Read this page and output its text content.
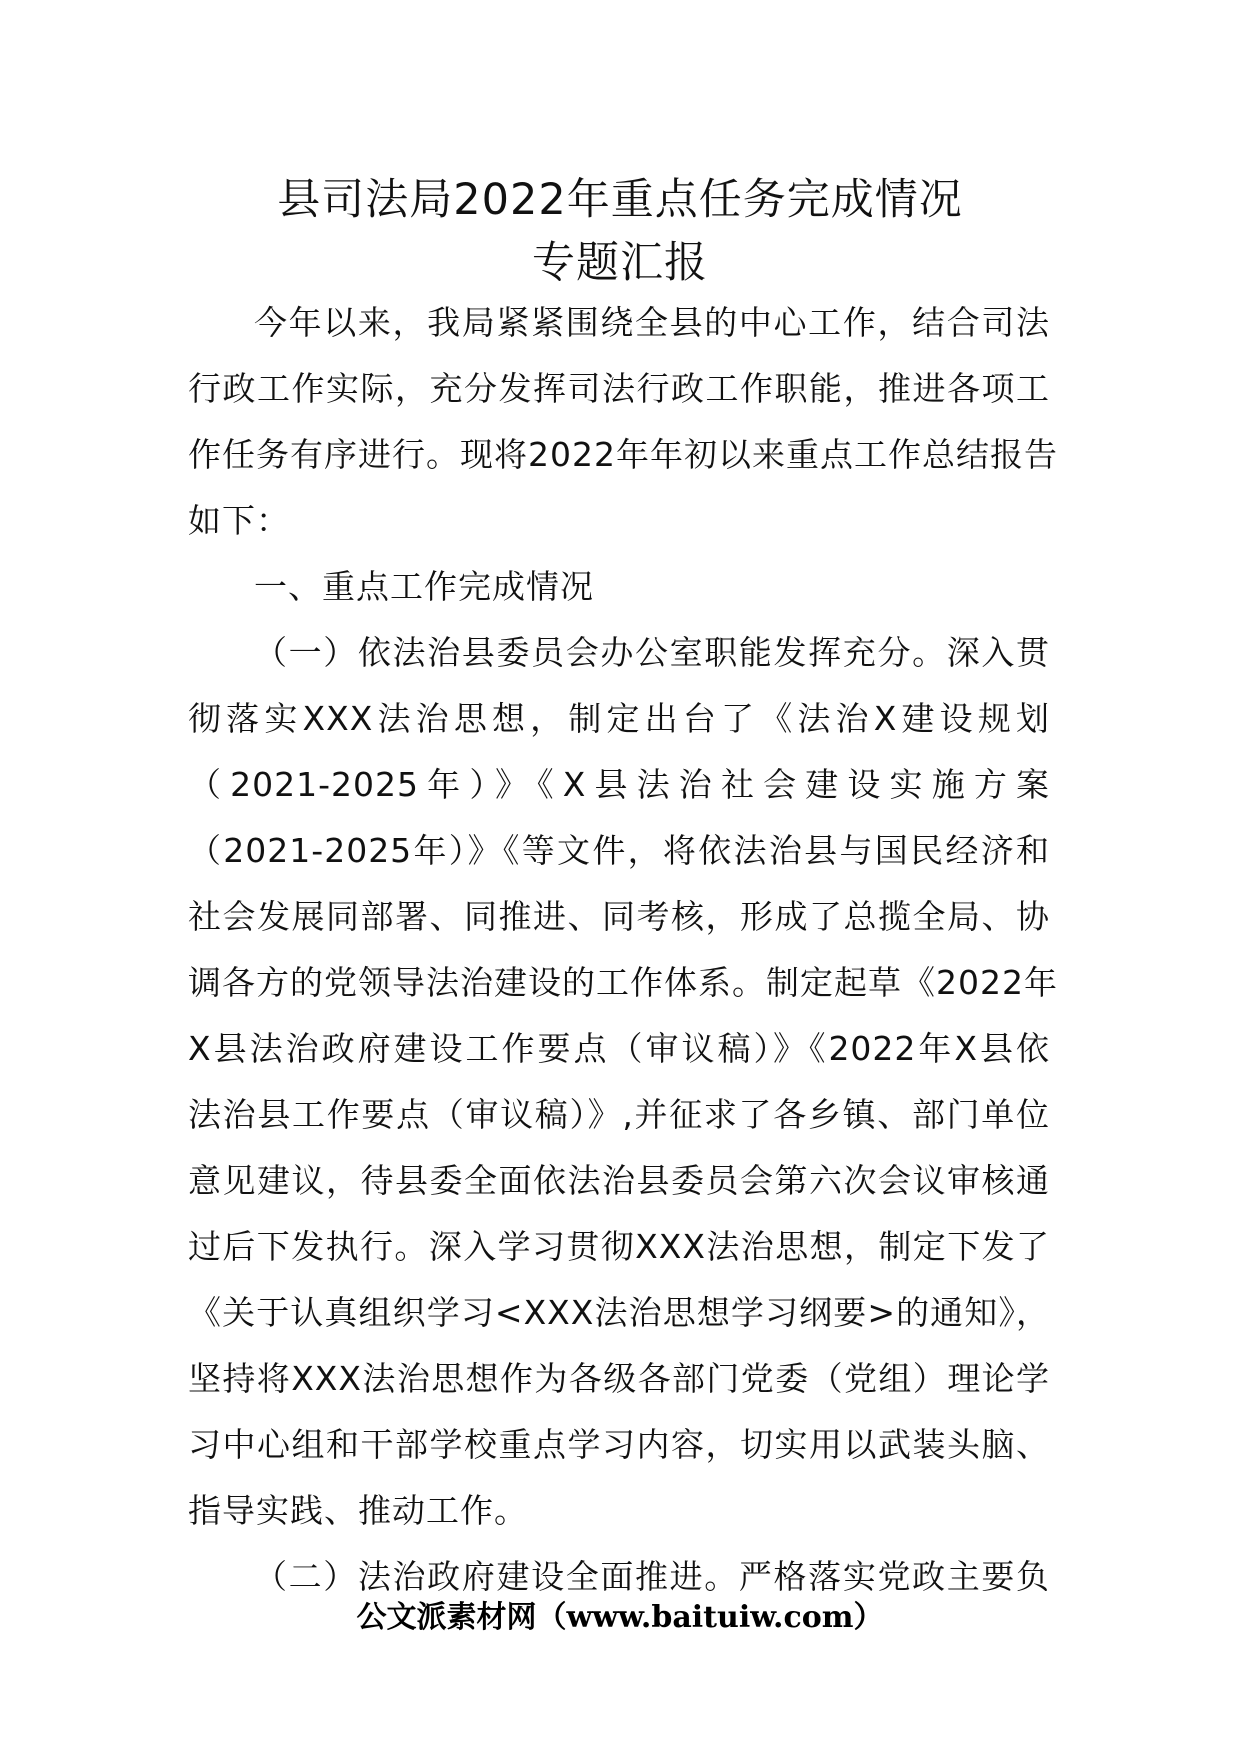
县司法局2022年重点任务完成情况
专题汇报
今年以来，我局紧紧围绕全县的中心工作，结合司法
行政工作实际，充分发挥司法行政工作职能，推进各项工
作任务有序进行。现将2022年年初以来重点工作总结报告
如下：
一、重点工作完成情况
（一）依法治县委员会办公室职能发挥充分。深入贯
彻落实XXX法治思想，制定出台了《法治X建设规划
（2021-2025年）》《X县法治社会建设实施方案
（2021-2025年）》《等文件，将依法治县与国民经济和
社会发展同部署、同推进、同考核，形成了总揽全局、协
调各方的党领导法治建设的工作体系。制定起草《2022年
X县法治政府建设工作要点（审议稿）》《2022年X县依
法治县工作要点（审议稿）》,并征求了各乡镇、部门单位
意见建议，待县委全面依法治县委员会第六次会议审核通
过后下发执行。深入学习贯彻XXX法治思想，制定下发了
《关于认真组织学习<XXX法治思想学习纲要>的通知》，
坚持将XXX法治思想作为各级各部门党委（党组）理论学
习中心组和干部学校重点学习内容，切实用以武装头脑、
指导实践、推动工作。
（二）法治政府建设全面推进。严格落实党政主要负
公文派素材网（www.baituiw.com）
